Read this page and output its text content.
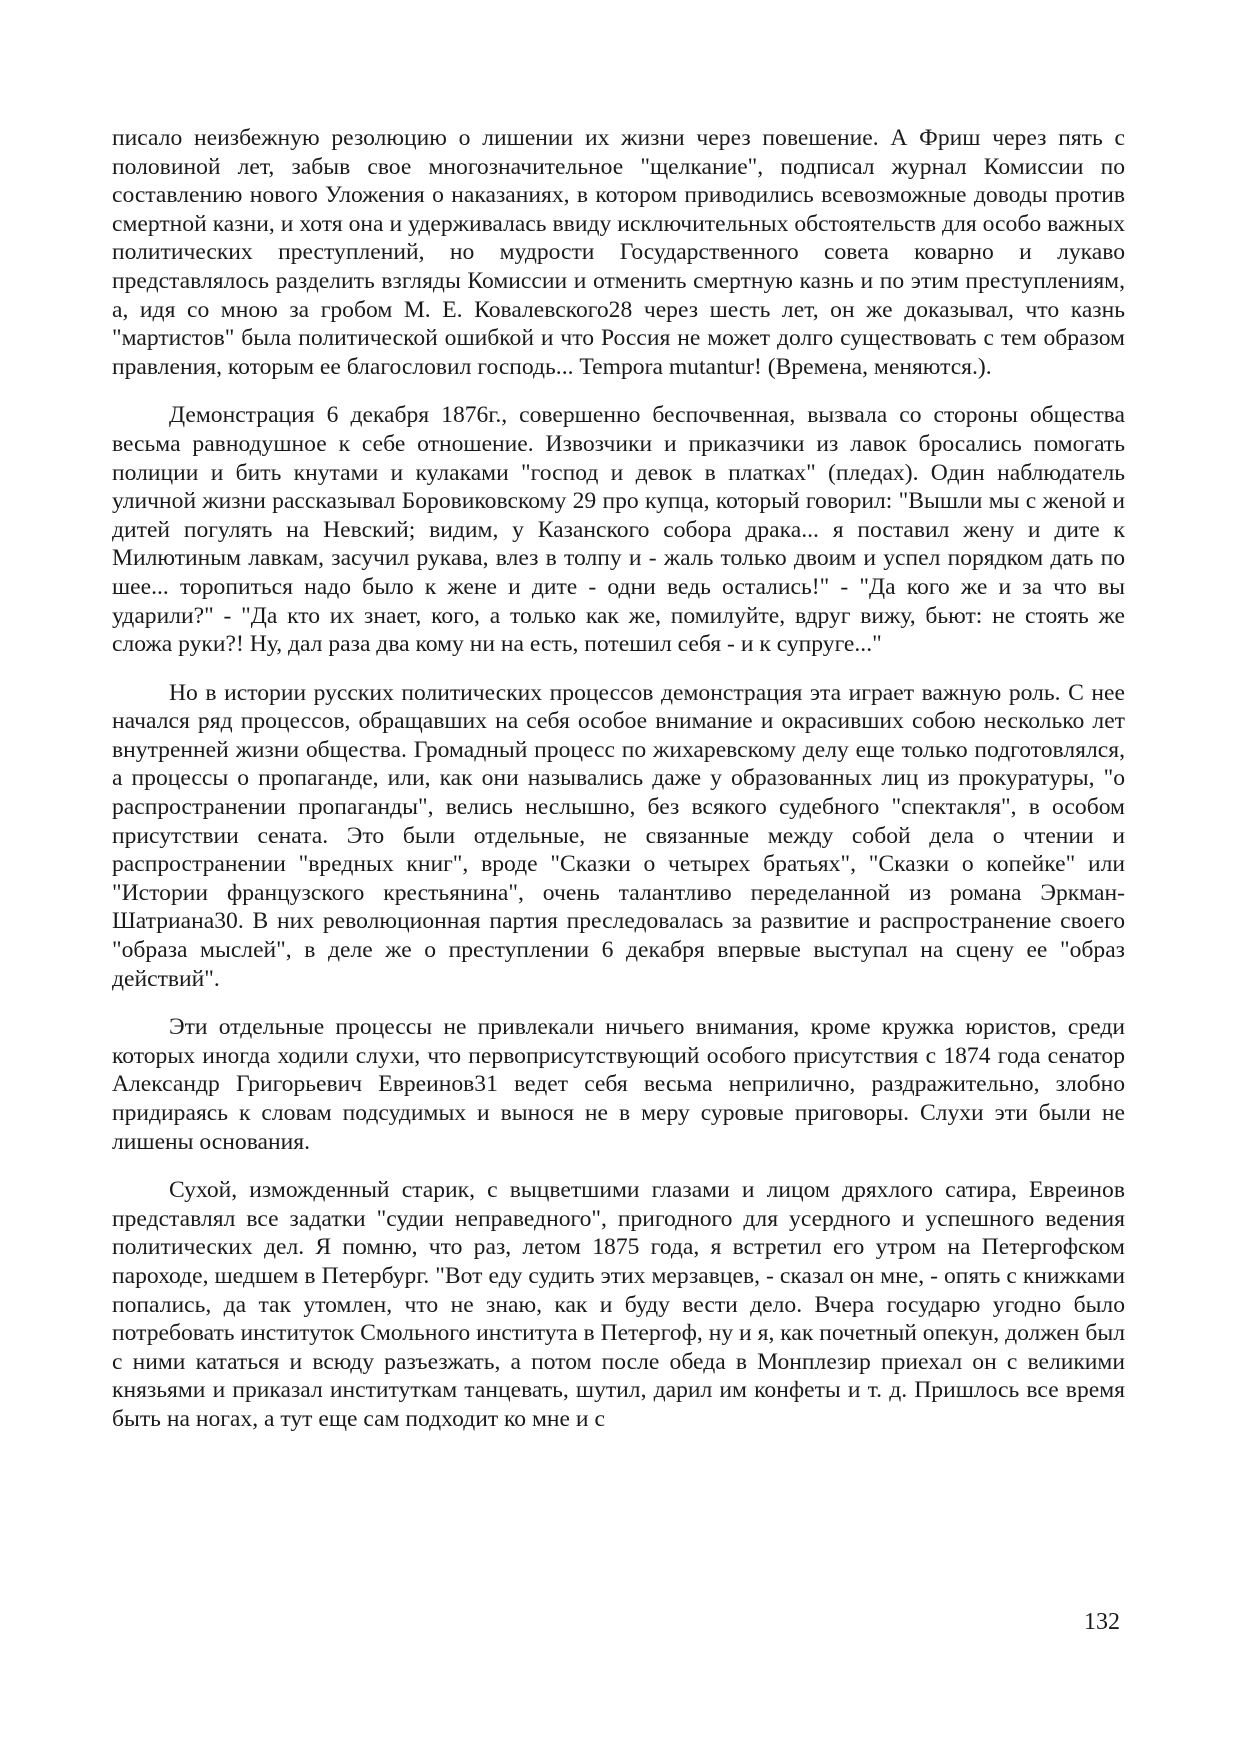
писало неизбежную резолюцию о лишении их жизни через повешение. А Фриш через пять с половиной лет, забыв свое многозначительное "щелкание", подписал журнал Комиссии по составлению нового Уложения о наказаниях, в котором приводились всевозможные доводы против смертной казни, и хотя она и удерживалась ввиду исключительных обстоятельств для особо важных политических преступлений, но мудрости Государственного совета коварно и лукаво представлялось разделить взгляды Комиссии и отменить смертную казнь и по этим преступлениям, а, идя со мною за гробом М. Е. Ковалевского28 через шесть лет, он же доказывал, что казнь "мартистов" была политической ошибкой и что Россия не может долго существовать с тем образом правления, которым ее благословил господь... Tempora mutantur! (Времена, меняются.).

Демонстрация 6 декабря 1876г., совершенно беспочвенная, вызвала со стороны общества весьма равнодушное к себе отношение. Извозчики и приказчики из лавок бросались помогать полиции и бить кнутами и кулаками "господ и девок в платках" (пледах). Один наблюдатель уличной жизни рассказывал Боровиковскому 29 про купца, который говорил: "Вышли мы с женой и дитей погулять на Невский; видим, у Казанского собора драка... я поставил жену и дите к Милютиным лавкам, засучил рукава, влез в толпу и - жаль только двоим и успел порядком дать по шее... торопиться надо было к жене и дите - одни ведь остались!" - "Да кого же и за что вы ударили?" - "Да кто их знает, кого, а только как же, помилуйте, вдруг вижу, бьют: не стоять же сложа руки?! Ну, дал раза два кому ни на есть, потешил себя - и к супруге..."

Но в истории русских политических процессов демонстрация эта играет важную роль. С нее начался ряд процессов, обращавших на себя особое внимание и окрасивших собою несколько лет внутренней жизни общества. Громадный процесс по жихаревскому делу еще только подготовлялся, а процессы о пропаганде, или, как они назывались даже у образованных лиц из прокуратуры, "о распространении пропаганды", велись неслышно, без всякого судебного "спектакля", в особом присутствии сената. Это были отдельные, не связанные между собой дела о чтении и распространении "вредных книг", вроде "Сказки о четырех братьях", "Сказки о копейке" или "Истории французского крестьянина", очень талантливо переделанной из романа Эркман-Шатриана30. В них революционная партия преследовалась за развитие и распространение своего "образа мыслей", в деле же о преступлении 6 декабря впервые выступал на сцену ее "образ действий".

Эти отдельные процессы не привлекали ничьего внимания, кроме кружка юристов, среди которых иногда ходили слухи, что первоприсутствующий особого присутствия с 1874 года сенатор Александр Григорьевич Евреинов31 ведет себя весьма неприлично, раздражительно, злобно придираясь к словам подсудимых и вынося не в меру суровые приговоры. Слухи эти были не лишены основания.

Сухой, изможденный старик, с выцветшими глазами и лицом дряхлого сатира, Евреинов представлял все задатки "судии неправедного", пригодного для усердного и успешного ведения политических дел. Я помню, что раз, летом 1875 года, я встретил его утром на Петергофском пароходе, шедшем в Петербург. "Вот еду судить этих мерзавцев, - сказал он мне, - опять с книжками попались, да так утомлен, что не знаю, как и буду вести дело. Вчера государю угодно было потребовать институток Смольного института в Петергоф, ну и я, как почетный опекун, должен был с ними кататься и всюду разъезжать, а потом после обеда в Монплезир приехал он с великими князьями и приказал институткам танцевать, шутил, дарил им конфеты и т. д. Пришлось все время быть на ногах, а тут еще сам подходит ко мне и с

132
